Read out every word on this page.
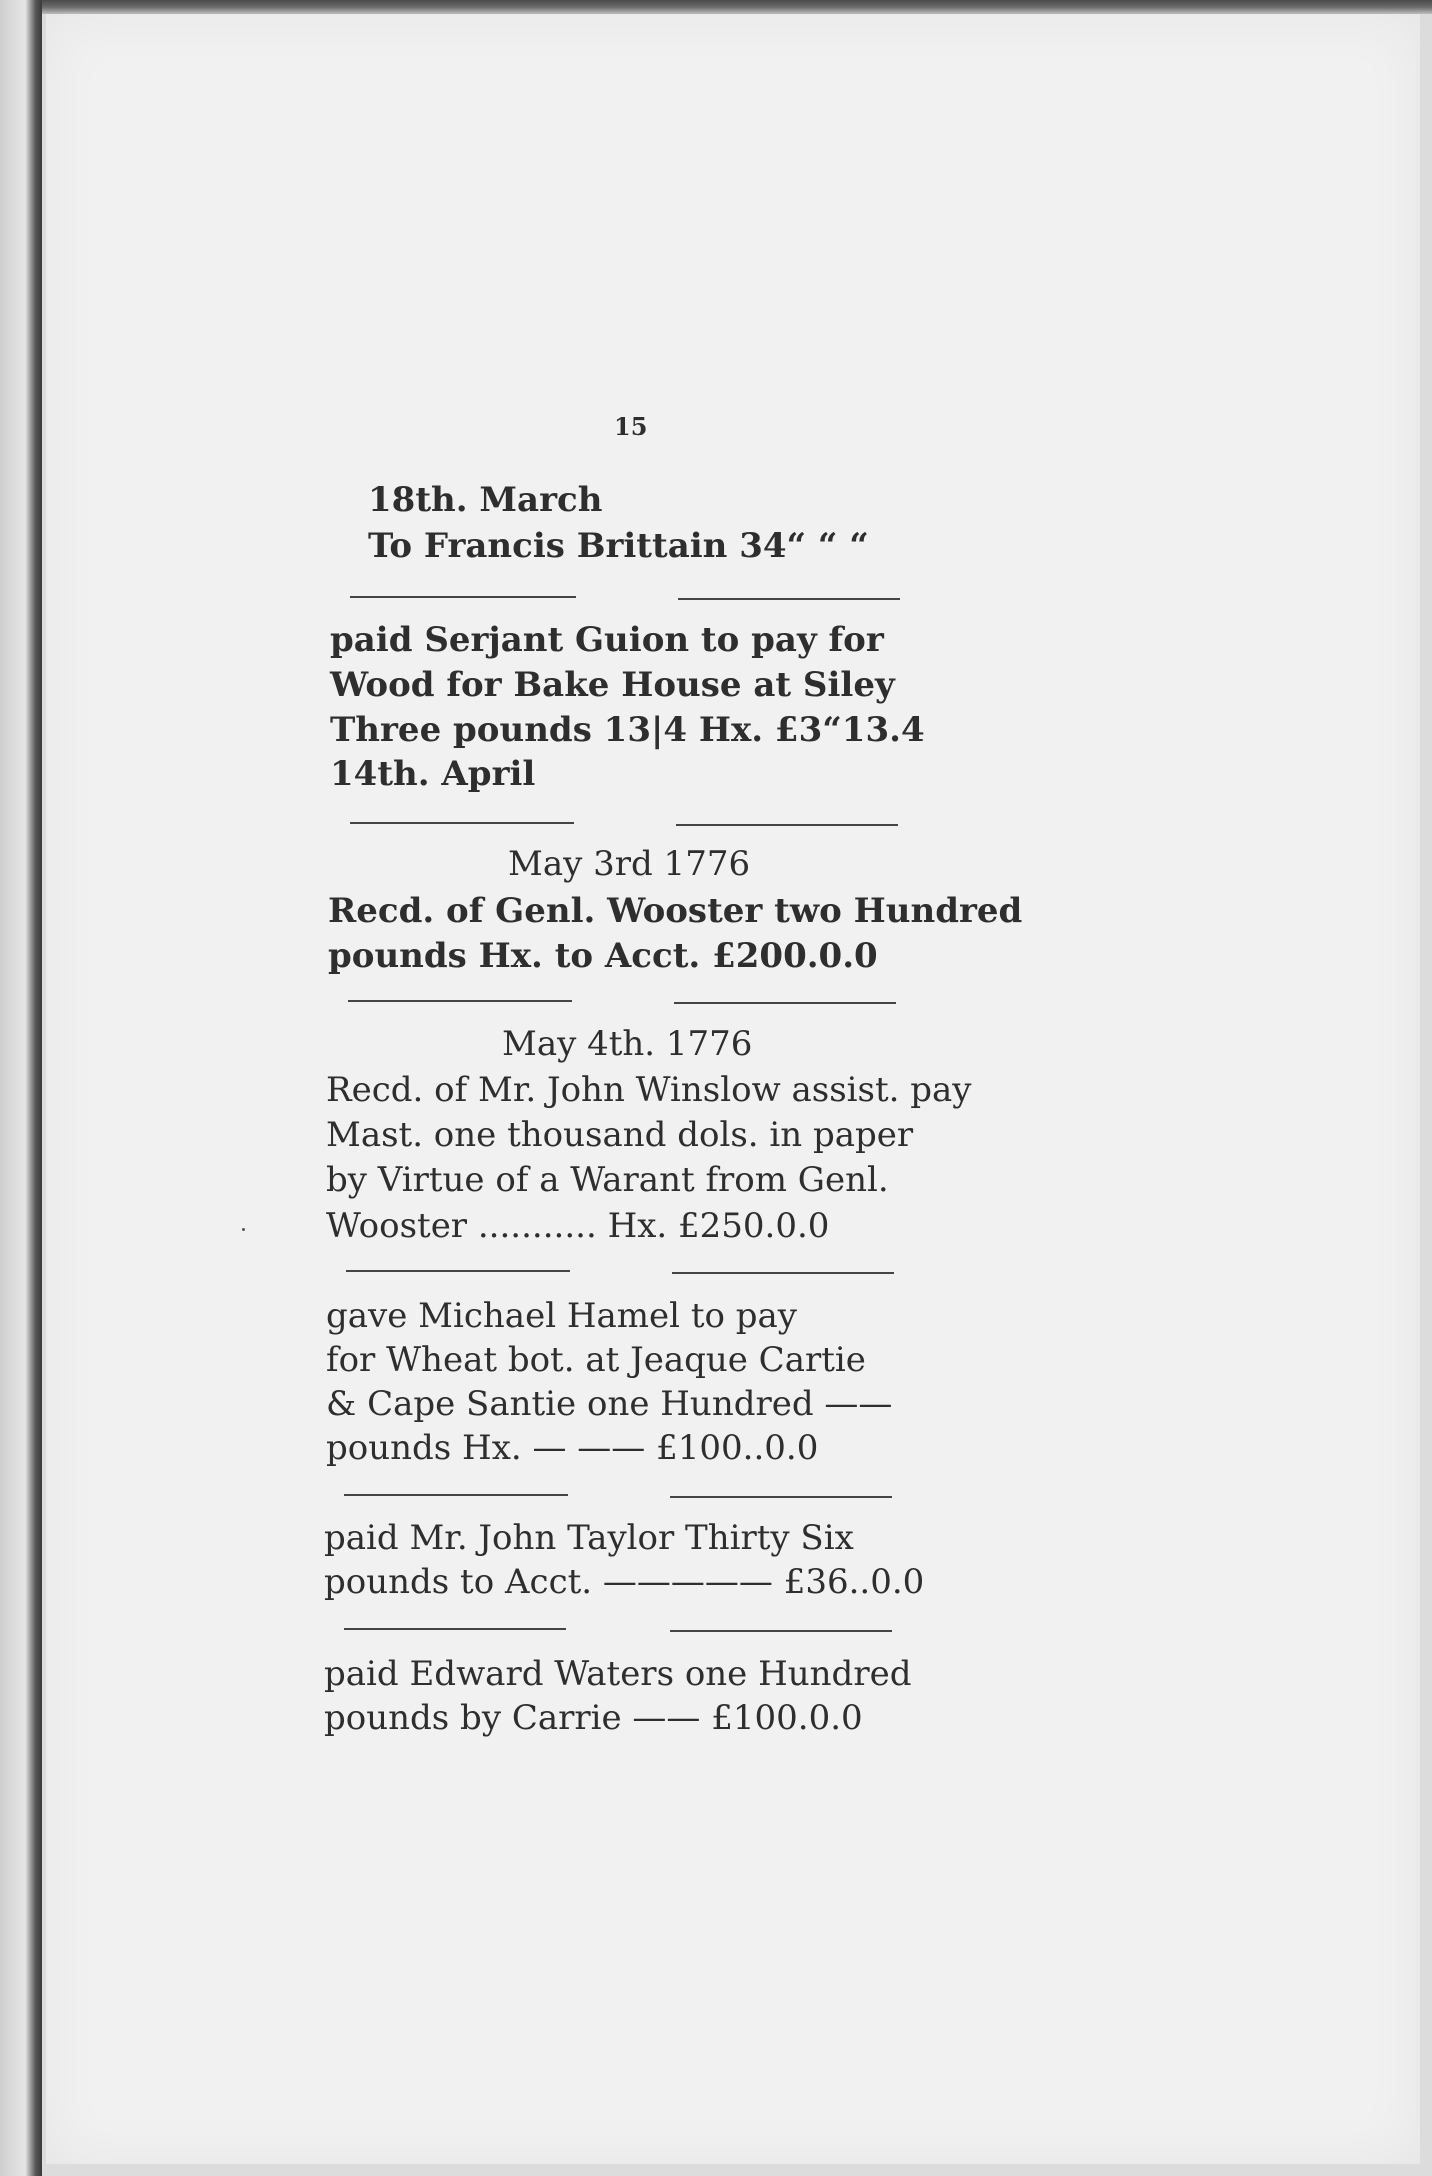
15
18th. March
To Francis Brittain 34“ “ “
paid Serjant Guion to pay for
Wood for Bake House at Siley
Three pounds 13|4 Hx. £3“13.4
14th. April
May 3rd 1776
Recd. of Genl. Wooster two Hundred
pounds Hx. to Acct. £200.0.0
May 4th. 1776
Recd. of Mr. John Winslow assist. pay
Mast. one thousand dols. in paper
by Virtue of a Warant from Genl.
Wooster ........... Hx. £250.0.0
gave Michael Hamel to pay
for Wheat bot. at Jeaque Cartie
& Cape Santie one Hundred ——
pounds Hx. — —— £100..0.0
paid Mr. John Taylor Thirty Six
pounds to Acct. ————— £36..0.0
paid Edward Waters one Hundred
pounds by Carrie —— £100.0.0
